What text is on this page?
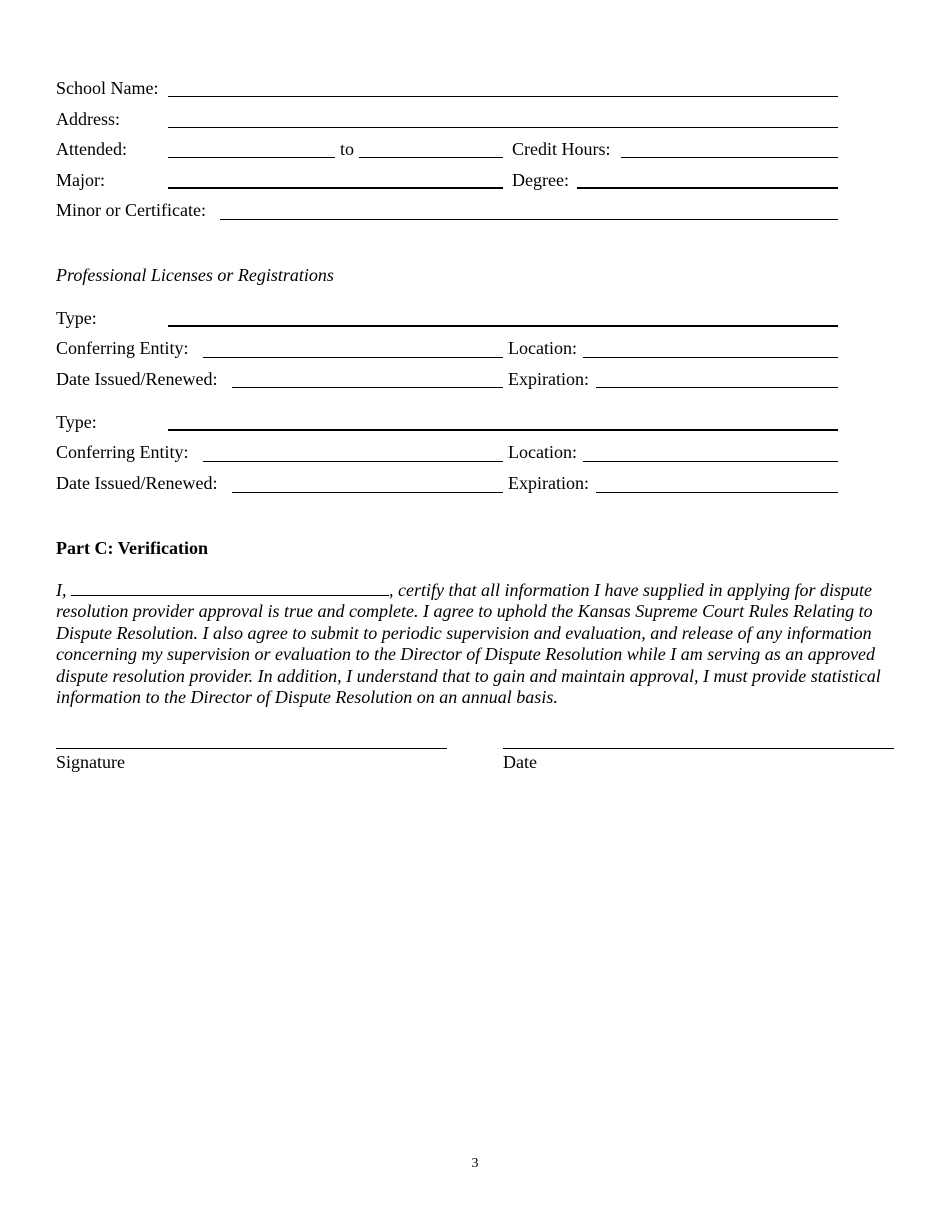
School Name:
Address:
Attended:	to	Credit Hours:
Major:	Degree:
Minor or Certificate:
Professional Licenses or Registrations
Type:
Conferring Entity:	Location:
Date Issued/Renewed:	Expiration:
Type:
Conferring Entity:	Location:
Date Issued/Renewed:	Expiration:
Part C: Verification
I,	, certify that all information I have supplied in applying for dispute resolution provider approval is true and complete. I agree to uphold the Kansas Supreme Court Rules Relating to Dispute Resolution. I also agree to submit to periodic supervision and evaluation, and release of any information concerning my supervision or evaluation to the Director of Dispute Resolution while I am serving as an approved dispute resolution provider. In addition, I understand that to gain and maintain approval, I must provide statistical information to the Director of Dispute Resolution on an annual basis.
Signature	Date
3
